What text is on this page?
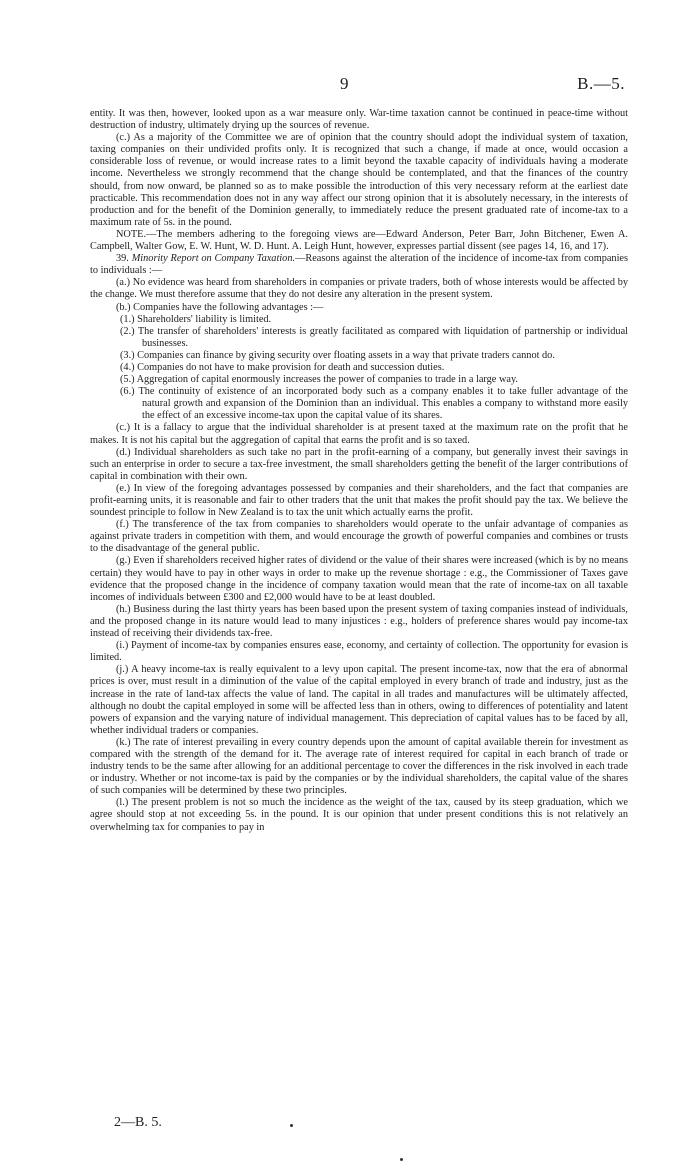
9	B.—5.

entity. It was then, however, looked upon as a war measure only. War-time taxation cannot be continued in peace-time without destruction of industry, ultimately drying up the sources of revenue.

(c.) As a majority of the Committee we are of opinion that the country should adopt the individual system of taxation, taxing companies on their undivided profits only. It is recognized that such a change, if made at once, would occasion a considerable loss of revenue, or would increase rates to a limit beyond the taxable capacity of individuals having a moderate income. Nevertheless we strongly recommend that the change should be contemplated, and that the finances of the country should, from now onward, be planned so as to make possible the introduction of this very necessary reform at the earliest date practicable. This recommendation does not in any way affect our strong opinion that it is absolutely necessary, in the interests of production and for the benefit of the Dominion generally, to immediately reduce the present graduated rate of income-tax to a maximum rate of 5s. in the pound.

NOTE.—The members adhering to the foregoing views are—Edward Anderson, Peter Barr, John Bitchener, Ewen A. Campbell, Walter Gow, E. W. Hunt, W. D. Hunt. A. Leigh Hunt, however, expresses partial dissent (see pages 14, 16, and 17).

39. Minority Report on Company Taxation.—Reasons against the alteration of the incidence of income-tax from companies to individuals :—

(a.) No evidence was heard from shareholders in companies or private traders, both of whose interests would be affected by the change. We must therefore assume that they do not desire any alteration in the present system.

(b.) Companies have the following advantages :—

(1.) Shareholders' liability is limited.

(2.) The transfer of shareholders' interests is greatly facilitated as compared with liquidation of partnership or individual businesses.

(3.) Companies can finance by giving security over floating assets in a way that private traders cannot do.

(4.) Companies do not have to make provision for death and succession duties.

(5.) Aggregation of capital enormously increases the power of companies to trade in a large way.

(6.) The continuity of existence of an incorporated body such as a company enables it to take fuller advantage of the natural growth and expansion of the Dominion than an individual. This enables a company to withstand more easily the effect of an excessive income-tax upon the capital value of its shares.

(c.) It is a fallacy to argue that the individual shareholder is at present taxed at the maximum rate on the profit that he makes. It is not his capital but the aggregation of capital that earns the profit and is so taxed.

(d.) Individual shareholders as such take no part in the profit-earning of a company, but generally invest their savings in such an enterprise in order to secure a tax-free investment, the small shareholders getting the benefit of the larger contributions of capital in combination with their own.

(e.) In view of the foregoing advantages possessed by companies and their shareholders, and the fact that companies are profit-earning units, it is reasonable and fair to other traders that the unit that makes the profit should pay the tax. We believe the soundest principle to follow in New Zealand is to tax the unit which actually earns the profit.

(f.) The transference of the tax from companies to shareholders would operate to the unfair advantage of companies as against private traders in competition with them, and would encourage the growth of powerful companies and combines or trusts to the disadvantage of the general public.

(g.) Even if shareholders received higher rates of dividend or the value of their shares were increased (which is by no means certain) they would have to pay in other ways in order to make up the revenue shortage : e.g., the Commissioner of Taxes gave evidence that the proposed change in the incidence of company taxation would mean that the rate of income-tax on all taxable incomes of individuals between £300 and £2,000 would have to be at least doubled.

(h.) Business during the last thirty years has been based upon the present system of taxing companies instead of individuals, and the proposed change in its nature would lead to many injustices : e.g., holders of preference shares would pay income-tax instead of receiving their dividends tax-free.

(i.) Payment of income-tax by companies ensures ease, economy, and certainty of collection. The opportunity for evasion is limited.

(j.) A heavy income-tax is really equivalent to a levy upon capital. The present income-tax, now that the era of abnormal prices is over, must result in a diminution of the value of the capital employed in every branch of trade and industry, just as the increase in the rate of land-tax affects the value of land. The capital in all trades and manufactures will be ultimately affected, although no doubt the capital employed in some will be affected less than in others, owing to differences of potentiality and latent powers of expansion and the varying nature of individual management. This depreciation of capital values has to be faced by all, whether individual traders or companies.

(k.) The rate of interest prevailing in every country depends upon the amount of capital available therein for investment as compared with the strength of the demand for it. The average rate of interest required for capital in each branch of trade or industry tends to be the same after allowing for an additional percentage to cover the differences in the risk involved in each trade or industry. Whether or not income-tax is paid by the companies or by the individual shareholders, the capital value of the shares of such companies will be determined by these two principles.

(l.) The present problem is not so much the incidence as the weight of the tax, caused by its steep graduation, which we agree should stop at not exceeding 5s. in the pound. It is our opinion that under present conditions this is not relatively an overwhelming tax for companies to pay in

2—B. 5.
